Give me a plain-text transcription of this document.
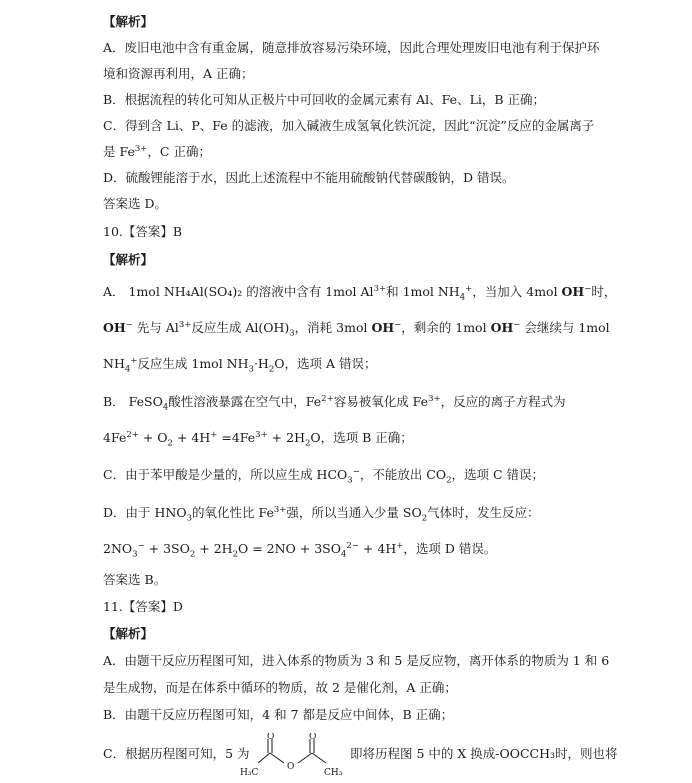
【解析】
A．废旧电池中含有重金属，随意排放容易污染环境，因此合理处理废旧电池有利于保护环
境和资源再利用，A 正确；
B．根据流程的转化可知从正极片中可回收的金属元素有 Al、Fe、Li，B 正确；
C．得到含 Li、P、Fe 的滤液，加入碱液生成氢氧化铁沉淀，因此“沉淀”反应的金属离子
是 $Fe^{3+}$，C 正确；
D．硫酸锂能溶于水，因此上述流程中不能用硫酸钠代替碳酸钠，D 错误。
答案选 D。
10.【答案】B
【解析】
A． 1mol NH₄Al(SO₄)₂ 的溶液中含有 1mol $Al^{3+}$和 1mol $NH_4^+$，当加入 4mol OH−时，
OH− 先与 $Al^{3+}$反应生成 $Al(OH)_3$，消耗 3mol OH−，剩余的 1mol OH− 会继续与 1mol
$NH_4^+$反应生成 1mol $NH_3\cdot H_2O$，选项 A 错误；
B． FeSO$_4$酸性溶液暴露在空气中，$Fe^{2+}$容易被氧化成 $Fe^{3+}$，反应的离子方程式为
$4Fe^{2+} + O_2 + 4H^+ =4Fe^{3+} + 2H_2O$，选项 B 正确；
C．由于苯甲酸是少量的，所以应生成 $HCO_3^-$，不能放出 $CO_2$，选项 C 错误；
D．由于 $HNO_3$的氧化性比 $Fe^{3+}$强，所以当通入少量 $SO_2$气体时，发生反应：
$2NO_3^- + 3SO_2 + 2H_2O = 2NO + 3SO_4^{2-} + 4H^+$，选项 D 错误。
答案选 B。
11.【答案】D
【解析】
A．由题干反应历程图可知，进入体系的物质为 3 和 5 是反应物，离开体系的物质为 1 和 6
是生成物，而是在体系中循环的物质，故 2 是催化剂，A 正确；
B．由题干反应历程图可知，4 和 7 都是反应中间体，B 正确；
C．根据历程图可知，5 为
O	O
H₃C
O
CH₃
即将历程图 5 中的 X 换成-OOCCH₃时，则也将
